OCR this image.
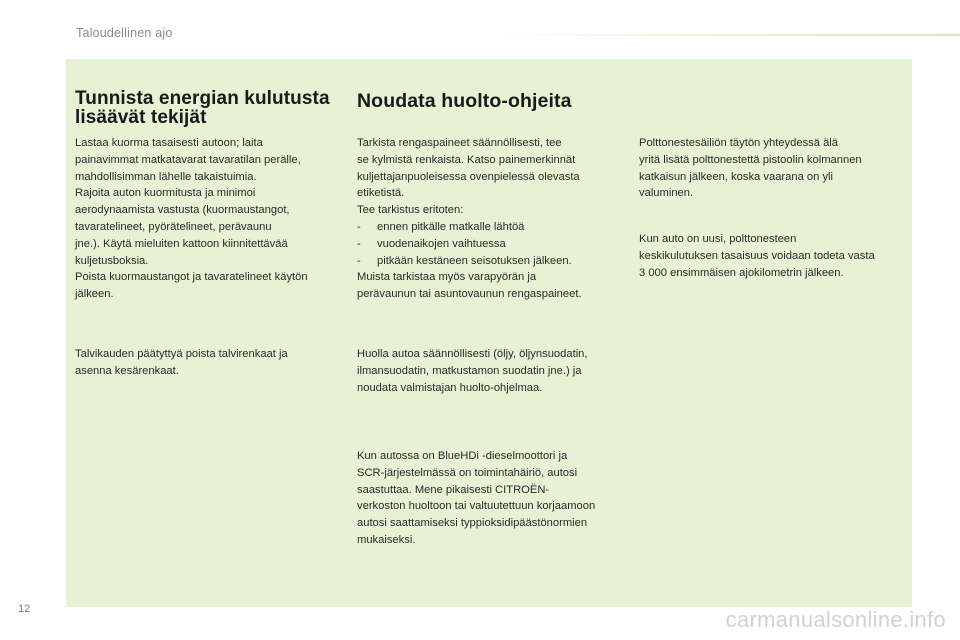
Taloudellinen ajo
Tunnista energian kulutusta
lisäävät tekijät

Lastaa kuorma tasaisesti autoon; laita
painavimmat matkatavarat tavaratilan perälle,
mahdollisimman lähelle takaistuimia.
Rajoita auton kuormitusta ja minimoi
aerodynaamista vastusta (kuormaustangot,
tavaratelineet, pyörätelineet, perävaunu
jne.). Käytä mieluiten kattoon kiinnitettävää
kuljetusboksia.
Poista kuormaustangot ja tavaratelineet käytön
jälkeen.

Talvikauden päätyttyä poista talvirenkaat ja
asenna kesärenkaat.

Noudata huolto-ohjeita

Tarkista rengaspaineet säännöllisesti, tee
se kylmistä renkaista. Katso painemerkinnät
kuljettajanpuoleisessa ovenpielessä olevasta
etiketistä.
Tee tarkistus eritoten:
- ennen pitkälle matkalle lähtöä
- vuodenaikojen vaihtuessa
- pitkään kestäneen seisotuksen jälkeen.
Muista tarkistaa myös varapyörän ja
perävaunun tai asuntovaunun rengaspaineet.

Huolla autoa säännöllisesti (öljy, öljynsuodatin,
ilmansuodatin, matkustamon suodatin jne.) ja
noudata valmistajan huolto-ohjelmaa.

Kun autossa on BlueHDi -dieselmoottori ja
SCR-järjestelmässä on toimintahäiriö, autosi
saastuttaa. Mene pikaisesti CITROËN-
verkoston huoltoon tai valtuutettuun korjaamoon
autosi saattamiseksi typpioksidipäästönormien
mukaiseksi.

Polttonestesäiliön täytön yhteydessä älä
yritä lisätä polttonestettä pistoolin kolmannen
katkaisun jälkeen, koska vaarana on yli
valuminen.

Kun auto on uusi, polttonesteen
keskikulutuksen tasaisuus voidaan todeta vasta
3 000 ensimmäisen ajokilometrin jälkeen.

12	carmanualsonline.info
